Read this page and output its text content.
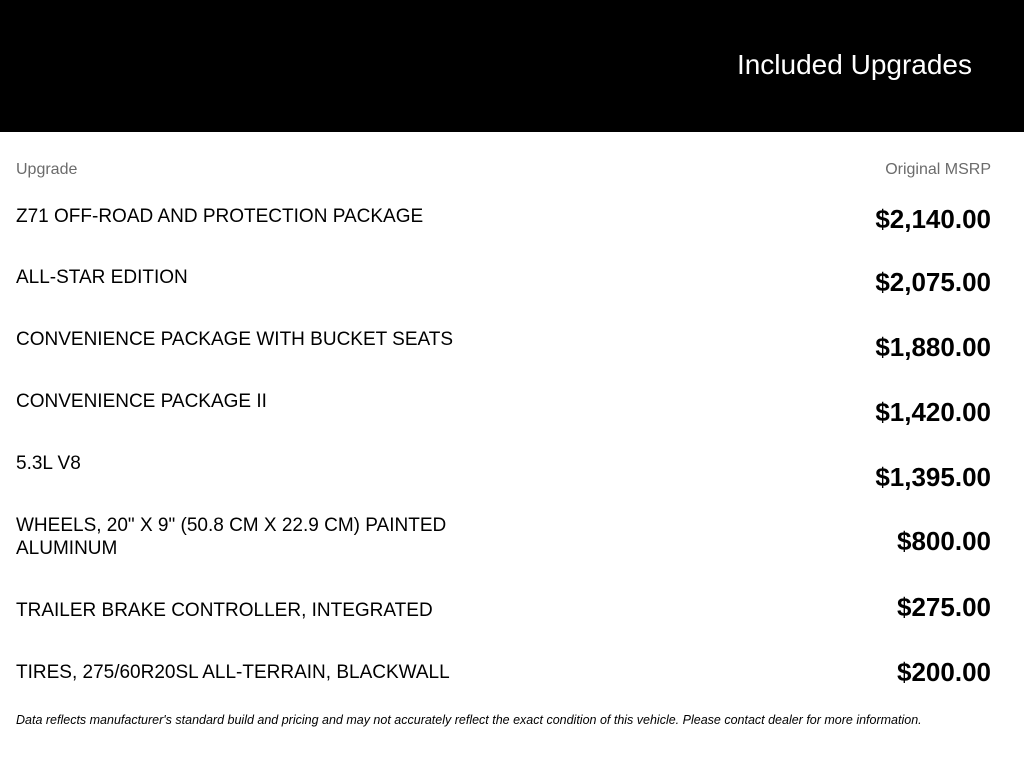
Included Upgrades
Upgrade	Original MSRP
Z71 OFF-ROAD AND PROTECTION PACKAGE	$2,140.00
ALL-STAR EDITION	$2,075.00
CONVENIENCE PACKAGE WITH BUCKET SEATS	$1,880.00
CONVENIENCE PACKAGE II	$1,420.00
5.3L V8	$1,395.00
WHEELS, 20" X 9" (50.8 CM X 22.9 CM) PAINTED ALUMINUM	$800.00
TRAILER BRAKE CONTROLLER, INTEGRATED	$275.00
TIRES, 275/60R20SL ALL-TERRAIN, BLACKWALL	$200.00
Data reflects manufacturer's standard build and pricing and may not accurately reflect the exact condition of this vehicle. Please contact dealer for more information.
